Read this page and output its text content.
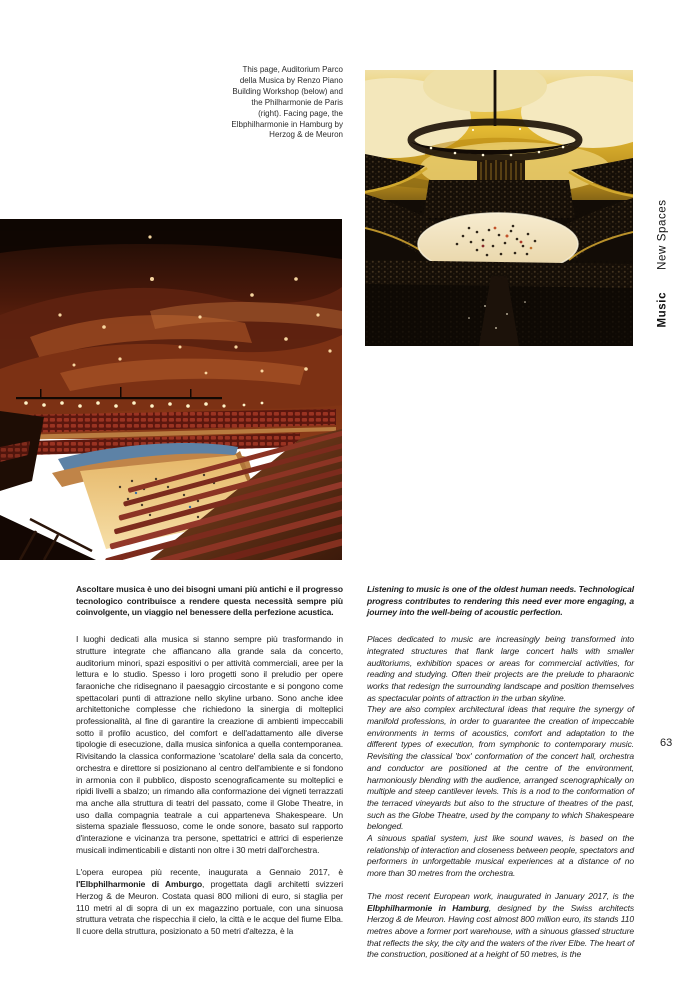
This page, Auditorium Parco della Musica by Renzo Piano Building Workshop (below) and the Philharmonie de Paris (right). Facing page, the Elbphilharmonie in Hamburg by Herzog & de Meuron
Music
New Spaces
63

Ascoltare musica è uno dei bisogni umani più antichi e il progresso tecnologico contribuisce a rendere questa necessità sempre più coinvolgente, un viaggio nel benessere della perfezione acustica.

I luoghi dedicati alla musica si stanno sempre più trasformando in strutture integrate che affiancano alla grande sala da concerto, auditorium minori, spazi espositivi o per attività commerciali, aree per la lettura e lo studio. Spesso i loro progetti sono il preludio per opere faraoniche che ridisegnano il paesaggio circostante e si pongono come spettacolari punti di attrazione nello skyline urbano. Sono anche idee architettoniche complesse che richiedono la sinergia di molteplici professionalità, al fine di garantire la creazione di ambienti impeccabili sotto il profilo acustico, del comfort e dell'adattamento alle diverse tipologie di esecuzione, dalla musica sinfonica a quella contemporanea. Rivisitando la classica conformazione 'scatolare' della sala da concerto, orchestra e direttore si posizionano al centro dell'ambiente e si fondono in armonia con il pubblico, disposto scenograficamente su molteplici e ripidi livelli a sbalzo; un rimando alla conformazione dei vigneti terrazzati ma anche alla struttura di teatri del passato, come il Globe Theatre, in uso dalla compagnia teatrale a cui apparteneva Shakespeare. Un sistema spaziale flessuoso, come le onde sonore, basato sul rapporto d'interazione e vicinanza tra persone, spettatrici e attrici di esperienze musicali indimenticabili e distanti non oltre i 30 metri dall'orchestra.

L'opera europea più recente, inaugurata a Gennaio 2017, è l'Elbphilharmonie di Amburgo, progettata dagli architetti svizzeri Herzog & de Meuron. Costata quasi 800 milioni di euro, si staglia per 110 metri al di sopra di un ex magazzino portuale, con una sinuosa struttura vetrata che rispecchia il cielo, la città e le acque del fiume Elba. Il cuore della struttura, posizionato a 50 metri d'altezza, è la

Listening to music is one of the oldest human needs. Technological progress contributes to rendering this need ever more engaging, a journey into the well-being of acoustic perfection.

Places dedicated to music are increasingly being transformed into integrated structures that flank large concert halls with smaller auditoriums, exhibition spaces or areas for commercial activities, for reading and studying. Often their projects are the prelude to pharaonic works that redesign the surrounding landscape and position themselves as spectacular points of attraction in the urban skyline.

They are also complex architectural ideas that require the synergy of manifold professions, in order to guarantee the creation of impeccable environments in terms of acoustics, comfort and adaptation to the different types of execution, from symphonic to contemporary music. Revisiting the classical 'box' conformation of the concert hall, orchestra and conductor are positioned at the centre of the environment, harmoniously blending with the audience, arranged scenographically on multiple and steep cantilever levels. This is a nod to the conformation of the terraced vineyards but also to the structure of theatres of the past, such as the Globe Theatre, used by the company to which Shakespeare belonged.

A sinuous spatial system, just like sound waves, is based on the relationship of interaction and closeness between people, spectators and performers in unforgettable musical experiences at a distance of no more than 30 metres from the orchestra.

The most recent European work, inaugurated in January 2017, is the Elbphilharmonie in Hamburg, designed by the Swiss architects Herzog & de Meuron. Having cost almost 800 million euro, its stands 110 metres above a former port warehouse, with a sinuous glassed structure that reflects the sky, the city and the waters of the river Elbe. The heart of the construction, positioned at a height of 50 metres, is the
